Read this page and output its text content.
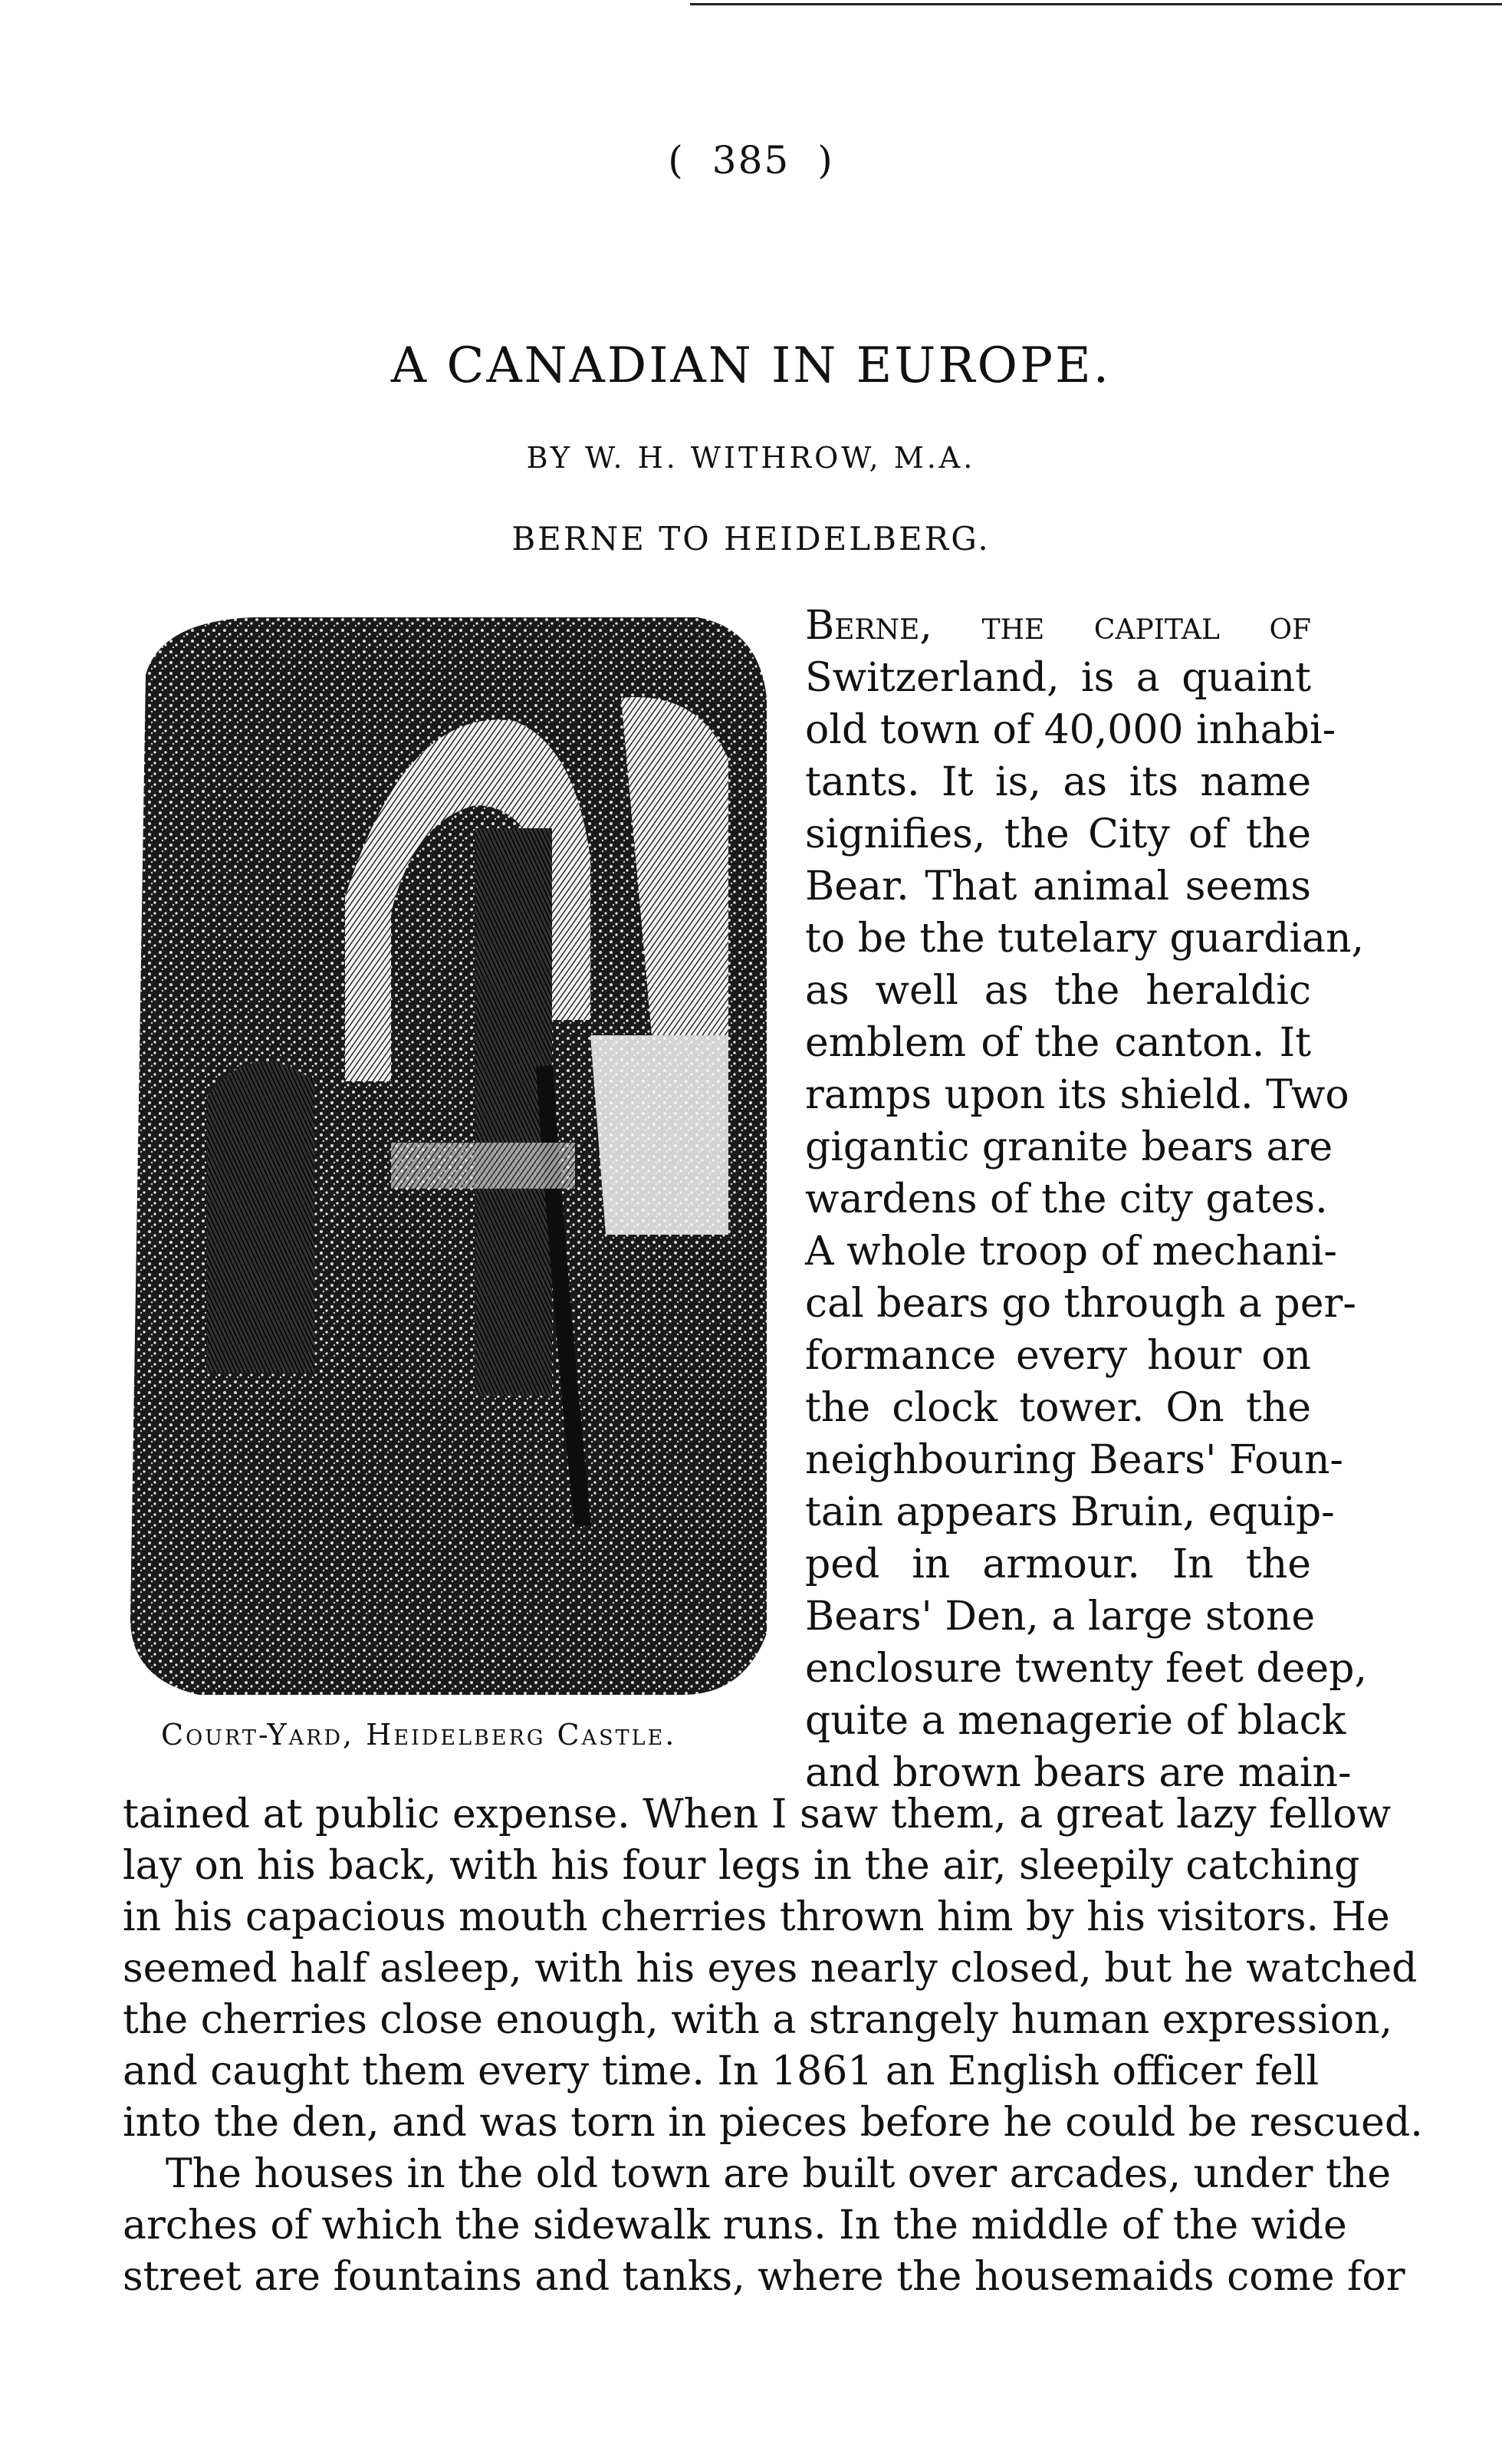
( 385 )
A CANADIAN IN EUROPE.
BY W. H. WITHROW, M.A.
BERNE TO HEIDELBERG.
Court-Yard, Heidelberg Castle.
Berne, the capital of
Switzerland, is a quaint
old town of 40,000 inhabi-
tants. It is, as its name
signifies, the City of the
Bear. That animal seems
to be the tutelary guardian,
as well as the heraldic
emblem of the canton. It
ramps upon its shield. Two
gigantic granite bears are
wardens of the city gates.
A whole troop of mechani-
cal bears go through a per-
formance every hour on
the clock tower. On the
neighbouring Bears' Foun-
tain appears Bruin, equip-
ped in armour. In the
Bears' Den, a large stone
enclosure twenty feet deep,
quite a menagerie of black
and brown bears are main-
tained at public expense. When I saw them, a great lazy fellow
lay on his back, with his four legs in the air, sleepily catching
in his capacious mouth cherries thrown him by his visitors. He
seemed half asleep, with his eyes nearly closed, but he watched
the cherries close enough, with a strangely human expression,
and caught them every time. In 1861 an English officer fell
into the den, and was torn in pieces before he could be rescued.
The houses in the old town are built over arcades, under the
arches of which the sidewalk runs. In the middle of the wide
street are fountains and tanks, where the housemaids come for
